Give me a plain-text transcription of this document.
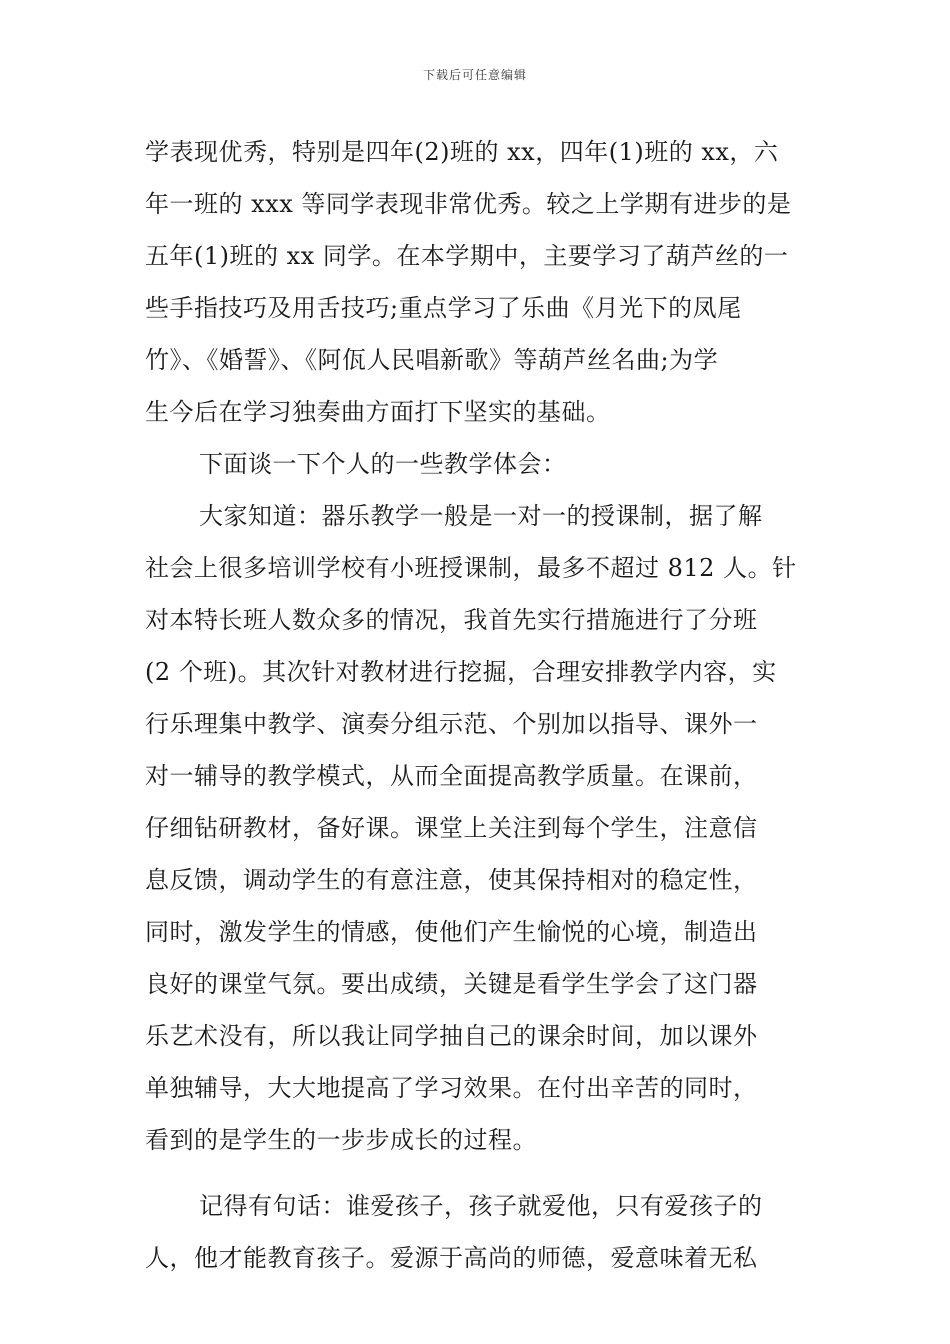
下载后可任意编辑
学表现优秀，特别是四年(2)班的 xx，四年(1)班的 xx，六
年一班的 xxx 等同学表现非常优秀。较之上学期有进步的是
五年(1)班的 xx 同学。在本学期中，主要学习了葫芦丝的一
些手指技巧及用舌技巧;重点学习了乐曲《月光下的凤尾
竹》、《婚誓》、《阿佤人民唱新歌》等葫芦丝名曲;为学
生今后在学习独奏曲方面打下坚实的基础。
下面谈一下个人的一些教学体会：
大家知道：器乐教学一般是一对一的授课制，据了解
社会上很多培训学校有小班授课制，最多不超过 812 人。针
对本特长班人数众多的情况，我首先实行措施进行了分班
(2 个班)。其次针对教材进行挖掘，合理安排教学内容，实
行乐理集中教学、演奏分组示范、个别加以指导、课外一
对一辅导的教学模式，从而全面提高教学质量。在课前，
仔细钻研教材，备好课。课堂上关注到每个学生，注意信
息反馈，调动学生的有意注意，使其保持相对的稳定性，
同时，激发学生的情感，使他们产生愉悦的心境，制造出
良好的课堂气氛。要出成绩，关键是看学生学会了这门器
乐艺术没有，所以我让同学抽自己的课余时间，加以课外
单独辅导，大大地提高了学习效果。在付出辛苦的同时，
看到的是学生的一步步成长的过程。
记得有句话：谁爱孩子，孩子就爱他，只有爱孩子的
人，他才能教育孩子。爱源于高尚的师德，爱意味着无私
